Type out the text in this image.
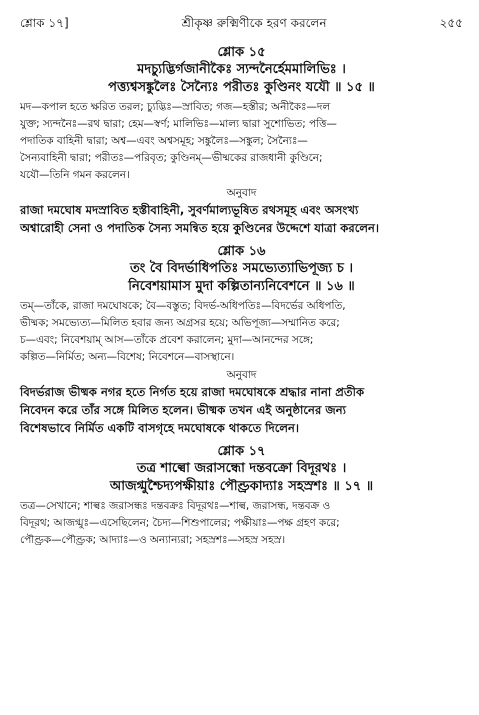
শ্লোক ১৭]	শ্রীকৃষ্ণ রুক্মিণীকে হরণ করলেন	২৫৫
শ্লোক ১৫

মদচ্যুদ্ভির্গজানীকৈঃ স্যন্দনৈর্হেমমালিভিঃ ।

পত্ত্যশ্বসঙ্কুলৈঃ সৈন্যৈঃ পরীতঃ কুণ্ডিনং যযৌ ॥ ১৫ ॥

মদ—কপাল হতে ক্ষরিত তরল; চ্যুদ্ভিঃ—স্রাবিত; গজ—হস্তীর; অনীকৈঃ—দল

যুক্ত; স্যন্দনৈঃ—রথ দ্বারা; হেম—স্বর্ণ; মালিভিঃ—মাল্য দ্বারা সুশোভিত; পত্তি—

পদাতিক বাহিনী দ্বারা; অশ্ব—এবং অশ্বসমূহ; সঙ্কুলৈঃ—সঙ্কুল; সৈন্যৈঃ—

সৈন্যবাহিনী দ্বারা; পরীতঃ—পরিবৃত; কুণ্ডিনম্—ভীষ্মকের রাজধানী কুণ্ডিনে;

যযৌ—তিনি গমন করলেন।

অনুবাদ

রাজা দমঘোষ মদস্রাবিত হস্তীবাহিনী, সুবর্ণমাল্যভূষিত রথসমূহ এবং অসংখ্য

অশ্বারোহী সেনা ও পদাতিক সৈন্য সমন্বিত হয়ে কুণ্ডিনের উদ্দেশে যাত্রা করলেন।

শ্লোক ১৬

তং বৈ বিদর্ভাধিপতিঃ সমভ্যেত্যাভিপূজ্য চ ।

নিবেশয়ামাস মুদা কল্পিতান্যনিবেশনে ॥ ১৬ ॥

তম্—তাঁকে, রাজা দমঘোষকে; বৈ—বস্তুত; বিদর্ভ-অধিপতিঃ—বিদর্ভের অধিপতি,

ভীষ্মক; সমভ্যেত্য—মিলিত হবার জন্য অগ্রসর হয়ে; অভিপূজ্য—সম্মানিত করে;

চ—এবং; নিবেশয়াম্ আস—তাঁকে প্রবেশ করালেন; মুদা—আনন্দের সঙ্গে;

কল্পিত—নির্মিত; অন্য—বিশেষ; নিবেশনে—বাসস্থানে।

অনুবাদ

বিদর্ভরাজ ভীষ্মক নগর হতে নির্গত হয়ে রাজা দমঘোষকে শ্রদ্ধার নানা প্রতীক

নিবেদন করে তাঁর সঙ্গে মিলিত হলেন। ভীষ্মক তখন এই অনুষ্ঠানের জন্য

বিশেষভাবে নির্মিত একটি বাসগৃহে দমঘোষকে থাকতে দিলেন।

শ্লোক ১৭

তত্র শাল্বো জরাসন্ধো দন্তবক্রো বিদূরথঃ ।

আজগ্মুশ্চৈদ্যপক্ষীয়াঃ পৌণ্ড্রকাদ্যাঃ সহস্রশঃ ॥ ১৭ ॥

তত্র—সেখানে; শাল্বঃ জরাসন্ধঃ দন্তবক্রঃ বিদূরথঃ—শাল্ব, জরাসন্ধ, দন্তবক্র ও

বিদূরথ; আজগ্মুঃ—এসেছিলেন; চৈদ্য—শিশুপালের; পক্ষীয়াঃ—পক্ষ গ্রহণ করে;

পৌণ্ড্রক—পৌণ্ড্রক; আদ্যাঃ—ও অন্যান্যরা; সহস্রশঃ—সহস্র সহস্র।
